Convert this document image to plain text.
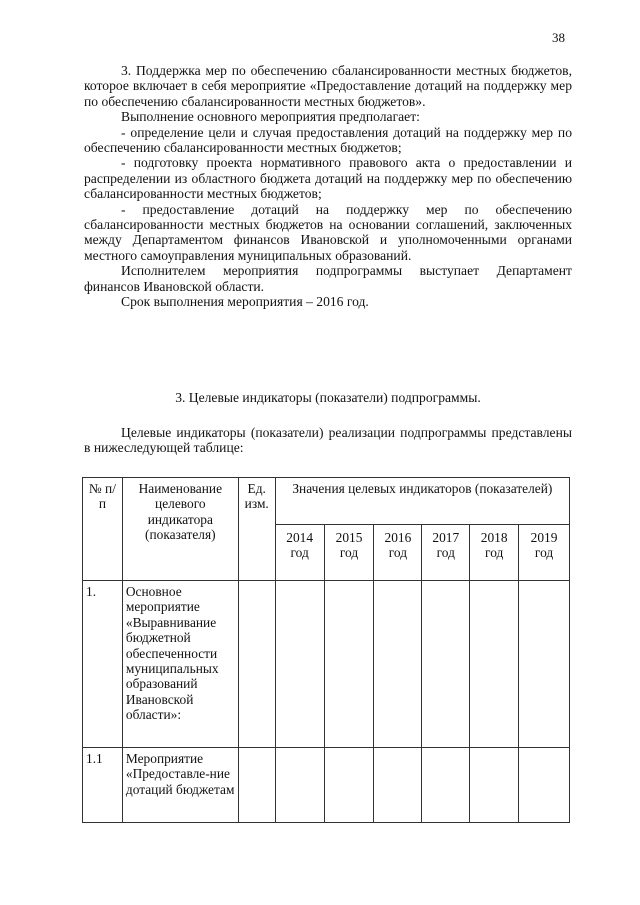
38

3. Поддержка мер по обеспечению сбалансированности местных бюджетов, которое включает в себя мероприятие «Предоставление дотаций на поддержку мер по обеспечению сбалансированности местных бюджетов».

Выполнение основного мероприятия предполагает:

- определение цели и случая предоставления дотаций на поддержку мер по обеспечению сбалансированности местных бюджетов;

- подготовку проекта нормативного правового акта о предоставлении и распределении из областного бюджета дотаций на поддержку мер по обеспечению сбалансированности местных бюджетов;

- предоставление дотаций на поддержку мер по обеспечению сбалансированности местных бюджетов на основании соглашений, заключенных между Департаментом финансов Ивановской и уполномоченными органами местного самоуправления муниципальных образований.

Исполнителем мероприятия подпрограммы выступает Департамент финансов Ивановской области.

Срок выполнения мероприятия – 2016 год.

3. Целевые индикаторы (показатели) подпрограммы.

Целевые индикаторы (показатели) реализации подпрограммы представлены в нижеследующей таблице:

№ п/п	Наименование целевого индикатора (показателя)	Ед. изм.	Значения целевых индикаторов (показателей)					
			2014 год	2015 год	2016 год	2017 год	2018 год	2019 год
1.	Основное мероприятие «Выравнивание бюджетной обеспеченности муниципальных образований Ивановской области»:							
1.1	Мероприятие «Предоставле-ние дотаций бюджетам							
